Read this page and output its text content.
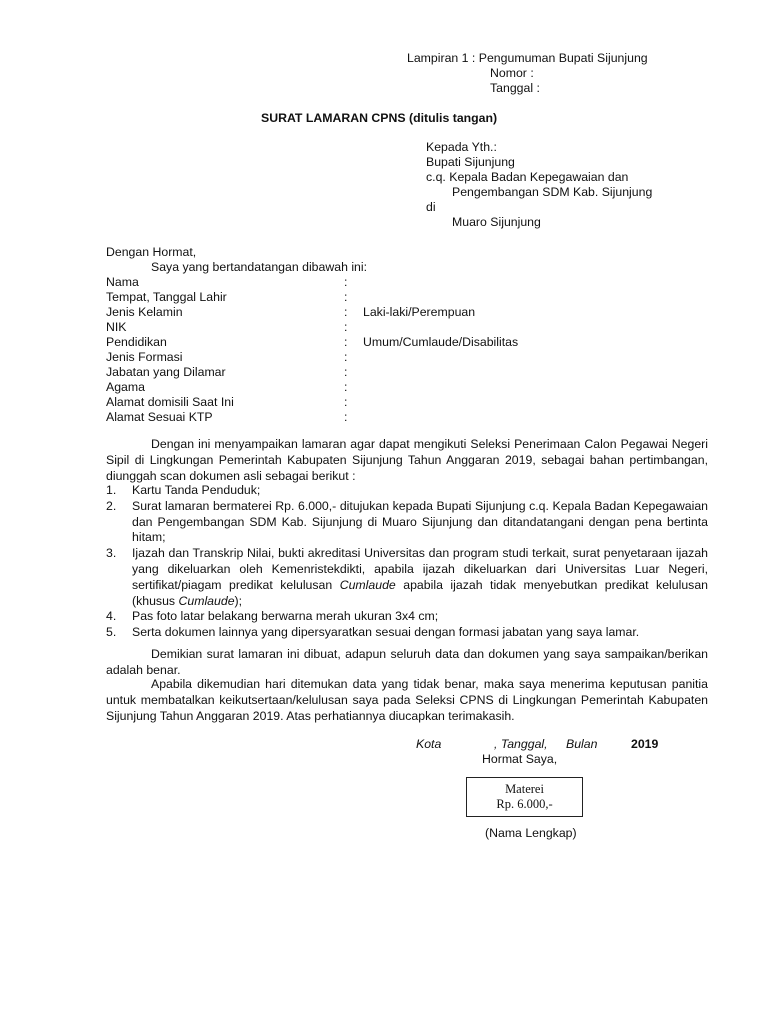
Lampiran 1 : Pengumuman Bupati Sijunjung
Nomor :
Tanggal :
SURAT LAMARAN CPNS (ditulis tangan)
Kepada Yth.:
Bupati Sijunjung
c.q. Kepala Badan Kepegawaian dan
Pengembangan SDM Kab. Sijunjung
di
Muaro Sijunjung
Dengan Hormat,
Saya yang bertandatangan dibawah ini:
Nama	:
Tempat, Tanggal Lahir	:
Jenis Kelamin	: Laki-laki/Perempuan
NIK	:
Pendidikan	: Umum/Cumlaude/Disabilitas
Jenis Formasi	:
Jabatan yang Dilamar	:
Agama	:
Alamat domisili Saat Ini	:
Alamat Sesuai KTP	:
Dengan ini menyampaikan lamaran agar dapat mengikuti Seleksi Penerimaan Calon Pegawai Negeri Sipil di Lingkungan Pemerintah Kabupaten Sijunjung Tahun Anggaran 2019, sebagai bahan pertimbangan, diunggah scan dokumen asli sebagai berikut :
1. Kartu Tanda Penduduk;
2. Surat lamaran bermaterei Rp. 6.000,- ditujukan kepada Bupati Sijunjung c.q. Kepala Badan Kepegawaian dan Pengembangan SDM Kab. Sijunjung di Muaro Sijunjung dan ditandatangani dengan pena bertinta hitam;
3. Ijazah dan Transkrip Nilai, bukti akreditasi Universitas dan program studi terkait, surat penyetaraan ijazah yang dikeluarkan oleh Kemenristekdikti, apabila ijazah dikeluarkan dari Universitas Luar Negeri, sertifikat/piagam predikat kelulusan Cumlaude apabila ijazah tidak menyebutkan predikat kelulusan (khusus Cumlaude);
4. Pas foto latar belakang berwarna merah ukuran 3x4 cm;
5. Serta dokumen lainnya yang dipersyaratkan sesuai dengan formasi jabatan yang saya lamar.
Demikian surat lamaran ini dibuat, adapun seluruh data dan dokumen yang saya sampaikan/berikan adalah benar.
Apabila dikemudian hari ditemukan data yang tidak benar, maka saya menerima keputusan panitia untuk membatalkan keikutsertaan/kelulusan saya pada Seleksi CPNS di Lingkungan Pemerintah Kabupaten Sijunjung Tahun Anggaran 2019. Atas perhatiannya diucapkan terimakasih.
Kota	, Tanggal, Bulan	2019
Hormat Saya,
Materei
Rp. 6.000,-
(Nama Lengkap)
